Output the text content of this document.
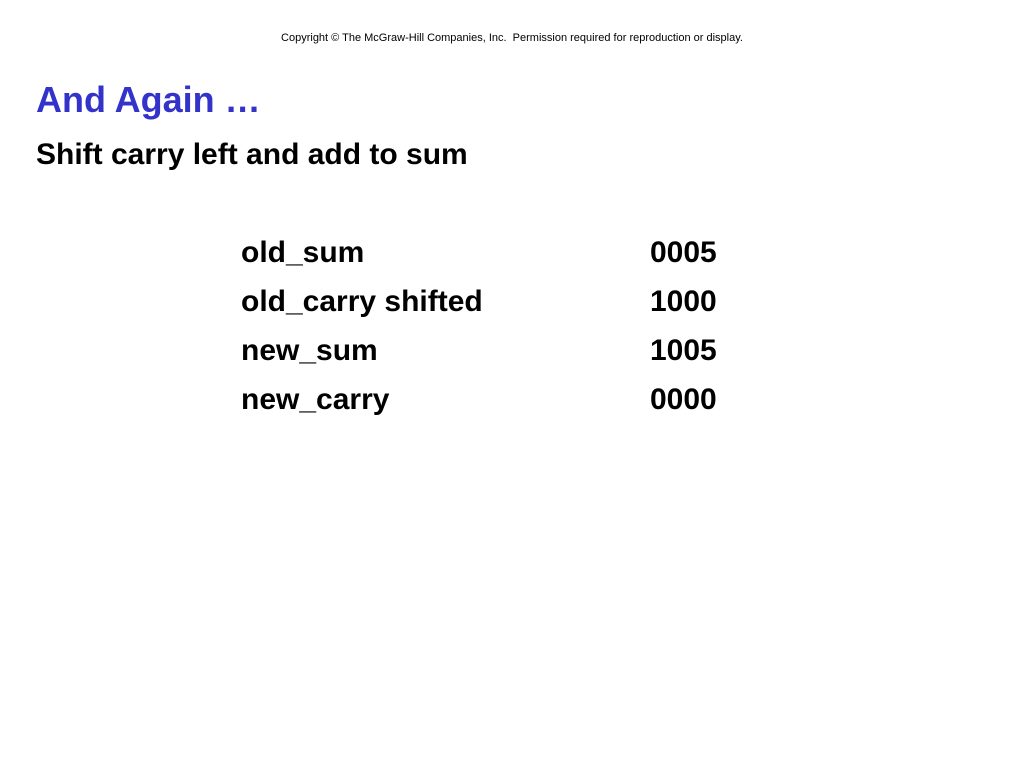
Copyright © The McGraw-Hill Companies, Inc.  Permission required for reproduction or display.
And Again …
Shift carry left and add to sum
old_sum	0005
old_carry shifted	1000
new_sum	1005
new_carry	0000
